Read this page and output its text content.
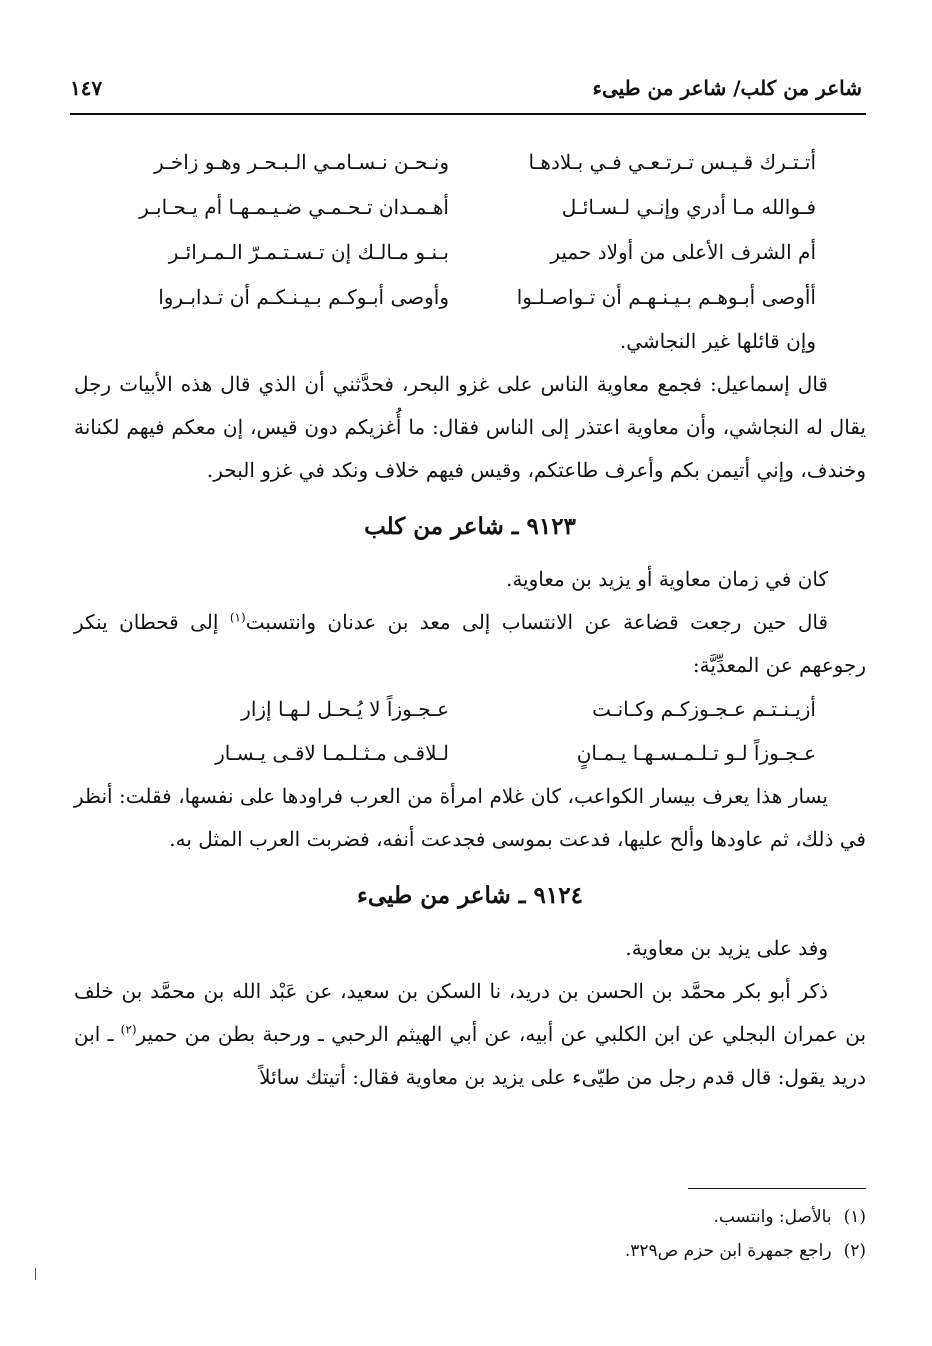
شاعر من كلب/ شاعر من طيىء
١٤٧
أتـتـرك قـيـس تـرتـعـي فـي بـلادهـا
ونـحـن نـسـامـي الـبـحـر وهـو زاخـر
فـوالله مـا أدري وإنـي لـسـائـل
أهـمـدان تـحـمـي ضـيـمـهـا أم يـحـابـر
أم الشرف الأعلى من أولاد حمير
بـنـو مـالـك إن تـسـتـمـرّ الـمـرائـر
أأوصى أبـوهـم بـيـنـهـم أن تـواصـلـوا
وأوصى أبـوكـم بـيـنـكـم أن تـدابـروا

وإن قائلها غير النجاشي.

قال إسماعيل: فجمع معاوية الناس على غزو البحر، فحدَّثني أن الذي قال هذه الأبيات رجل يقال له النجاشي، وأن معاوية اعتذر إلى الناس فقال: ما أُغزيكم دون قيس، إن معكم فيهم لكنانة وخندف، وإني أتيمن بكم وأعرف طاعتكم، وقيس فيهم خلاف ونكد في غزو البحر.

٩١٢٣ ـ شاعر من كلب

كان في زمان معاوية أو يزيد بن معاوية.

قال حين رجعت قضاعة عن الانتساب إلى معد بن عدنان وانتسبت$^{(١)}$ إلى قحطان ينكر رجوعهم عن المعدِّيَّة:

أزيـنـتـم عـجـوزكـم وكـانـت
عـجـوزاً لا يُـحـل لـهـا إزار
عـجـوزاً لـو تـلـمـسـهـا يـمـانٍ
لـلاقـى مـثـلـمـا لاقـى يـسـار

يسار هذا يعرف بيسار الكواعب، كان غلام امرأة من العرب فراودها على نفسها، فقلت: أنظر في ذلك، ثم عاودها وألح عليها، فدعت بموسى فجدعت أنفه، فضربت العرب المثل به.

٩١٢٤ ـ شاعر من طيىء

وفد على يزيد بن معاوية.

ذكر أبو بكر محمَّد بن الحسن بن دريد، نا السكن بن سعيد، عن عَبْد الله بن محمَّد بن خلف بن عمران البجلي عن ابن الكلبي عن أبيه، عن أبي الهيثم الرحبي ـ ورحبة بطن من حمير$^{(٢)}$ ـ ابن دريد يقول: قال قدم رجل من طيّىء على يزيد بن معاوية فقال: أتيتك سائلاً

(١)بالأصل: وانتسب.
(٢)راجع جمهرة ابن حزم ص٣٢٩.
